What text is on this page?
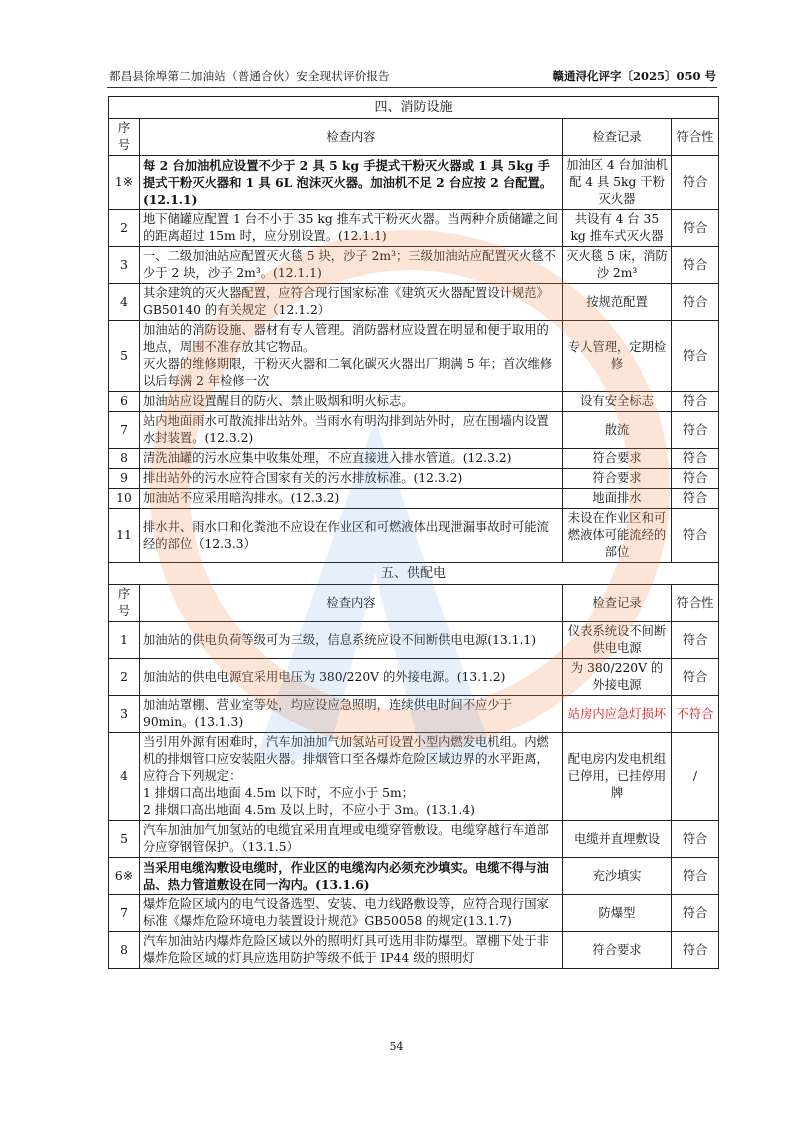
都昌县徐埠第二加油站（普通合伙）安全现状评价报告	赣通浔化评字〔2025〕050 号
四、消防设施			
序号	检查内容	检查记录	符合性
1※	每 2 台加油机应设置不少于 2 具 5 kg 手提式干粉灭火器或 1 具 5kg 手提式干粉灭火器和 1 具 6L 泡沫灭火器。加油机不足 2 台应按 2 台配置。(12.1.1)	加油区 4 台加油机配 4 具 5kg 干粉灭火器	符合
2	地下储罐应配置 1 台不小于 35 kg 推车式干粉灭火器。当两种介质储罐之间的距离超过 15m 时，应分别设置。(12.1.1)	共设有 4 台 35 kg 推车式灭火器	符合
3	一、二级加油站应配置灭火毯 5 块，沙子 2m³；三级加油站应配置灭火毯不少于 2 块，沙子 2m³。(12.1.1)	灭火毯 5 床，消防沙 2m³	符合
4	其余建筑的灭火器配置，应符合现行国家标准《建筑灭火器配置设计规范》GB50140 的有关规定（12.1.2）	按规范配置	符合
5	加油站的消防设施、器材有专人管理。消防器材应设置在明显和便于取用的地点，周围不准存放其它物品。
灭火器的维修期限，干粉灭火器和二氧化碳灭火器出厂期满 5 年；首次维修以后每满 2 年检修一次	专人管理，定期检修	符合
6	加油站应设置醒目的防火、禁止吸烟和明火标志。	设有安全标志	符合
7	站内地面雨水可散流排出站外。当雨水有明沟排到站外时，应在围墙内设置水封装置。(12.3.2)	散流	符合
8	清洗油罐的污水应集中收集处理，不应直接进入排水管道。(12.3.2)	符合要求	符合
9	排出站外的污水应符合国家有关的污水排放标准。(12.3.2)	符合要求	符合
10	加油站不应采用暗沟排水。(12.3.2)	地面排水	符合
11	排水井、雨水口和化粪池不应设在作业区和可燃液体出现泄漏事故时可能流经的部位（12.3.3）	未设在作业区和可燃液体可能流经的部位	符合
五、供配电			
序号	检查内容	检查记录	符合性
1	加油站的供电负荷等级可为三级，信息系统应设不间断供电电源(13.1.1)	仪表系统设不间断供电电源	符合
2	加油站的供电电源宜采用电压为 380/220V 的外接电源。(13.1.2)	为 380/220V 的外接电源	符合
3	加油站罩棚、营业室等处，均应设应急照明，连续供电时间不应少于 90min。(13.1.3)	站房内应急灯损坏	不符合
4	当引用外源有困难时，汽车加油加气加氢站可设置小型内燃发电机组。内燃机的排烟管口应安装阻火器。排烟管口至各爆炸危险区域边界的水平距离，应符合下列规定：
1 排烟口高出地面 4.5m 以下时，不应小于 5m；
2 排烟口高出地面 4.5m 及以上时，不应小于 3m。(13.1.4)	配电房内发电机组已停用，已挂停用牌	/
5	汽车加油加气加氢站的电缆宜采用直埋或电缆穿管敷设。电缆穿越行车道部分应穿钢管保护。（13.1.5）	电缆并直埋敷设	符合
6※	当采用电缆沟敷设电缆时，作业区的电缆沟内必须充沙填实。电缆不得与油品、热力管道敷设在同一沟内。(13.1.6)	充沙填实	符合
7	爆炸危险区域内的电气设备选型、安装、电力线路敷设等，应符合现行国家标准《爆炸危险环境电力装置设计规范》GB50058 的规定(13.1.7)	防爆型	符合
8	汽车加油站内爆炸危险区域以外的照明灯具可选用非防爆型。罩棚下处于非爆炸危险区域的灯具应选用防护等级不低于 IP44 级的照明灯	符合要求	符合
54
